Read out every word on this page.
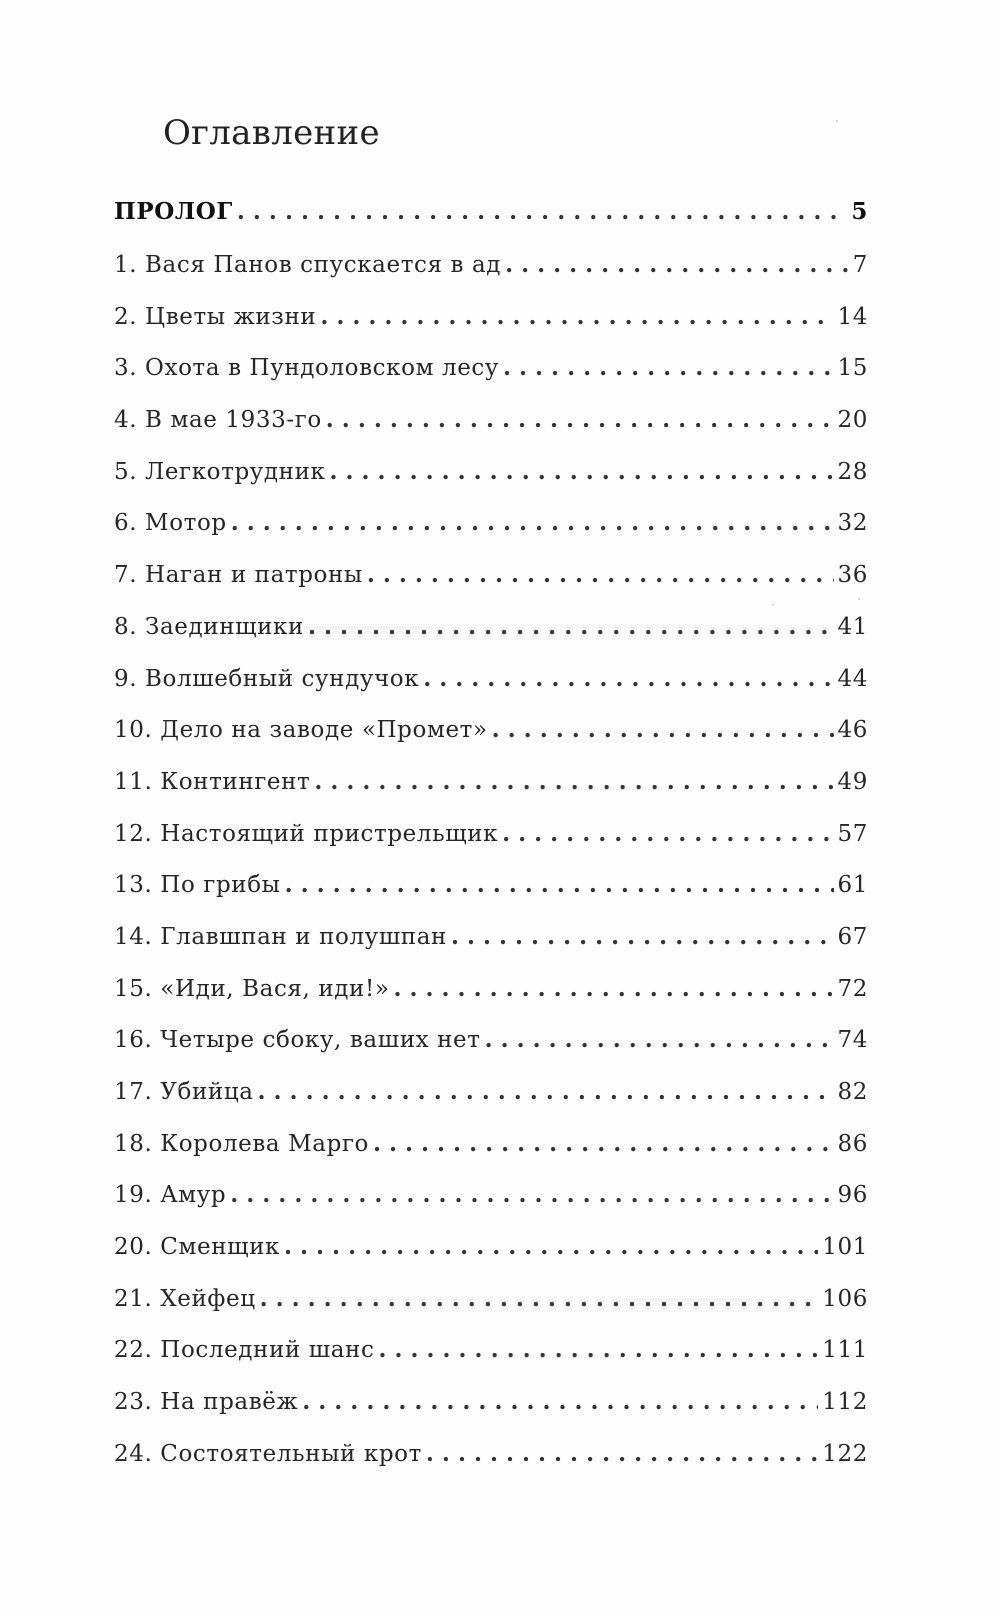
Оглавление
ПРОЛОГ . . .	5
1. Вася Панов спускается в ад . . .	7
2. Цветы жизни . . .	14
3. Охота в Пундоловском лесу . . .	15
4. В мае 1933-го . . .	20
5. Легкотрудник . . .	28
6. Мотор . . .	32
7. Наган и патроны . . .	36
8. Заединщики . . .	41
9. Волшебный сундучок . . .	44
10. Дело на заводе «Промет» . . .	46
11. Контингент . . .	49
12. Настоящий пристрельщик . . .	57
13. По грибы . . .	61
14. Главшпан и полушпан . . .	67
15. «Иди, Вася, иди!» . . .	72
16. Четыре сбоку, ваших нет . . .	74
17. Убийца . . .	82
18. Королева Марго . . .	86
19. Амур . . .	96
20. Сменщик . . .	101
21. Хейфец . . .	106
22. Последний шанс . . .	111
23. На правёж . . .	112
24. Состоятельный крот . . .	122
